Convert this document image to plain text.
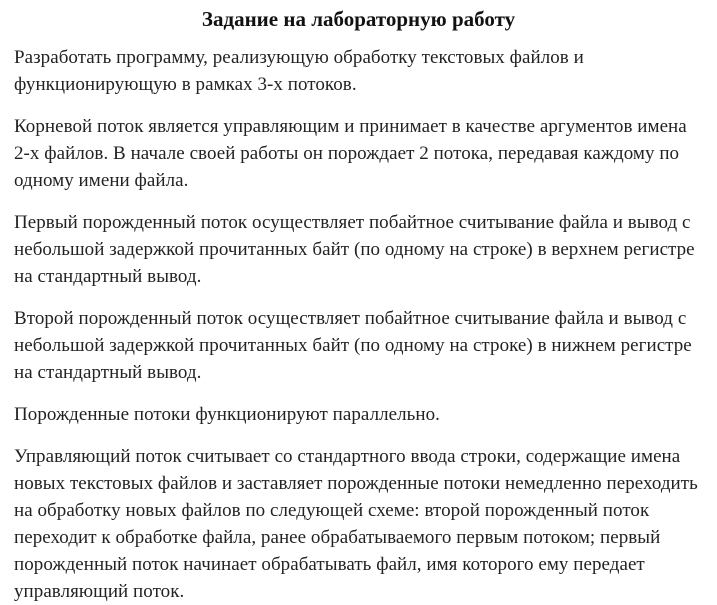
Задание на лабораторную работу

Разработать программу, реализующую обработку текстовых файлов и функционирующую в рамках 3-х потоков.

Корневой поток является управляющим и принимает в качестве аргументов имена 2-х файлов. В начале своей работы он порождает 2 потока, передавая каждому по одному имени файла.

Первый порожденный поток осуществляет побайтное считывание файла и вывод с небольшой задержкой прочитанных байт (по одному на строке) в верхнем регистре на стандартный вывод.

Второй порожденный поток осуществляет побайтное считывание файла и вывод с небольшой задержкой прочитанных байт (по одному на строке) в нижнем регистре на стандартный вывод.

Порожденные потоки функционируют параллельно.

Управляющий поток считывает со стандартного ввода строки, содержащие имена новых текстовых файлов и заставляет порожденные потоки немедленно переходить на обработку новых файлов по следующей схеме: второй порожденный поток переходит к обработке файла, ранее обрабатываемого первым потоком; первый порожденный поток начинает обрабатывать файл, имя которого ему передает управляющий поток.
